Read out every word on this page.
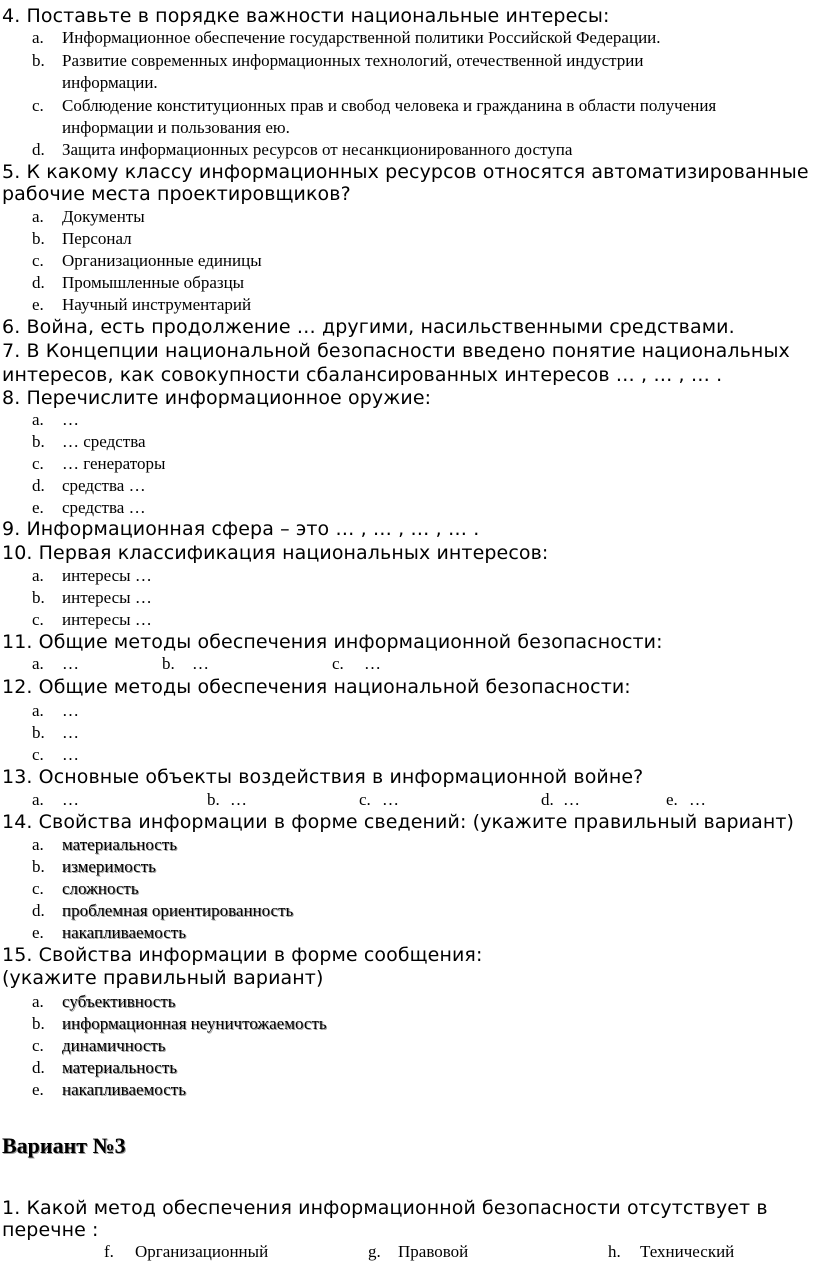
4. Поставьте в порядке важности национальные интересы:
a. Информационное обеспечение государственной политики Российской Федерации.
b. Развитие современных информационных технологий, отечественной индустрии
информации.
c. Соблюдение конституционных прав и свобод человека и гражданина в области получения
информации и пользования ею.
d. Защита информационных ресурсов от несанкционированного доступа
5. К какому классу информационных ресурсов относятся автоматизированные
рабочие места проектировщиков?
a. Документы
b. Персонал
c. Организационные единицы
d. Промышленные образцы
e. Научный инструментарий
6. Война, есть продолжение … другими, насильственными средствами.
7. В Концепции национальной безопасности введено понятие национальных
интересов, как совокупности сбалансированных интересов … , … , … .
8. Перечислите информационное оружие:
a. …
b. … средства
c. … генераторы
d. средства …
e. средства …
9. Информационная сфера – это … , … , … , … .
10. Первая классификация национальных интересов:
a. интересы …
b. интересы …
c. интересы …
11. Общие методы обеспечения информационной безопасности:
a. …	b. …	c. …
12. Общие методы обеспечения национальной безопасности:
a. …
b. …
c. …
13. Основные объекты воздействия в информационной войне?
a. …	b. …	c. …	d. …	e. …
14. Свойства информации в форме сведений: (укажите правильный вариант)
a. материальность
b. измеримость
c. сложность
d. проблемная ориентированность
e. накапливаемость
15. Свойства информации в форме сообщения:
(укажите правильный вариант)
a. субъективность
b. информационная неуничтожаемость
c. динамичность
d. материальность
e. накапливаемость
Вариант №3
1. Какой метод обеспечения информационной безопасности отсутствует в
перечне :
f. Организационный	g. Правовой	h. Технический
